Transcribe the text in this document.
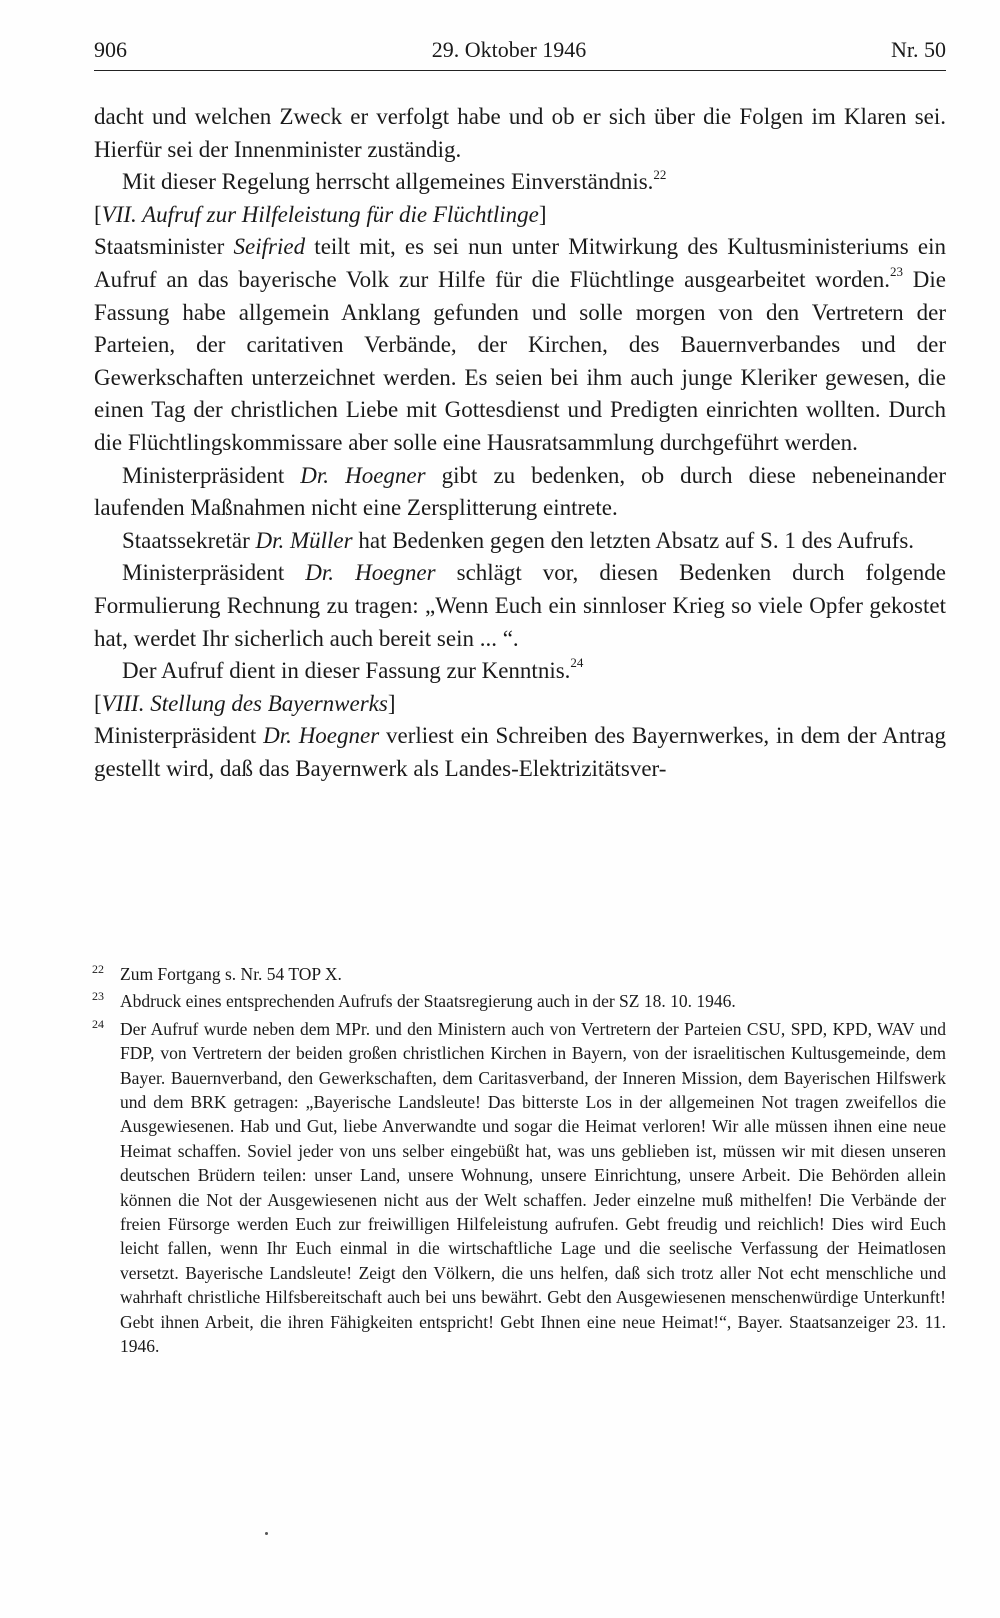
906	29. Oktober 1946	Nr. 50

dacht und welchen Zweck er verfolgt habe und ob er sich über die Folgen im Klaren sei. Hierfür sei der Innenminister zuständig.

Mit dieser Regelung herrscht allgemeines Einverständnis.$^{22}$

[VII. Aufruf zur Hilfeleistung für die Flüchtlinge]

Staatsminister Seifried teilt mit, es sei nun unter Mitwirkung des Kultusministeriums ein Aufruf an das bayerische Volk zur Hilfe für die Flüchtlinge ausgearbeitet worden.$^{23}$ Die Fassung habe allgemein Anklang gefunden und solle morgen von den Vertretern der Parteien, der caritativen Verbände, der Kirchen, des Bauernverbandes und der Gewerkschaften unterzeichnet werden. Es seien bei ihm auch junge Kleriker gewesen, die einen Tag der christlichen Liebe mit Gottesdienst und Predigten einrichten wollten. Durch die Flüchtlingskommissare aber solle eine Hausratsammlung durchgeführt werden.

Ministerpräsident Dr. Hoegner gibt zu bedenken, ob durch diese nebeneinander laufenden Maßnahmen nicht eine Zersplitterung eintrete.

Staatssekretär Dr. Müller hat Bedenken gegen den letzten Absatz auf S. 1 des Aufrufs.

Ministerpräsident Dr. Hoegner schlägt vor, diesen Bedenken durch folgende Formulierung Rechnung zu tragen: „Wenn Euch ein sinnloser Krieg so viele Opfer gekostet hat, werdet Ihr sicherlich auch bereit sein ... “.

Der Aufruf dient in dieser Fassung zur Kenntnis.$^{24}$

[VIII. Stellung des Bayernwerks]

Ministerpräsident Dr. Hoegner verliest ein Schreiben des Bayernwerkes, in dem der Antrag gestellt wird, daß das Bayernwerk als Landes-Elektrizitätsver-

22 Zum Fortgang s. Nr. 54 TOP X.
23 Abdruck eines entsprechenden Aufrufs der Staatsregierung auch in der SZ 18. 10. 1946.
24 Der Aufruf wurde neben dem MPr. und den Ministern auch von Vertretern der Parteien CSU, SPD, KPD, WAV und FDP, von Vertretern der beiden großen christlichen Kirchen in Bayern, von der israelitischen Kultusgemeinde, dem Bayer. Bauernverband, den Gewerkschaften, dem Caritasverband, der Inneren Mission, dem Bayerischen Hilfswerk und dem BRK getragen: „Bayerische Landsleute! Das bitterste Los in der allgemeinen Not tragen zweifellos die Ausgewiesenen. Hab und Gut, liebe Anverwandte und sogar die Heimat verloren! Wir alle müssen ihnen eine neue Heimat schaffen. Soviel jeder von uns selber eingebüßt hat, was uns geblieben ist, müssen wir mit diesen unseren deutschen Brüdern teilen: unser Land, unsere Wohnung, unsere Einrichtung, unsere Arbeit. Die Behörden allein können die Not der Ausgewiesenen nicht aus der Welt schaffen. Jeder einzelne muß mithelfen! Die Verbände der freien Fürsorge werden Euch zur freiwilligen Hilfeleistung aufrufen. Gebt freudig und reichlich! Dies wird Euch leicht fallen, wenn Ihr Euch einmal in die wirtschaftliche Lage und die seelische Verfassung der Heimatlosen versetzt. Bayerische Landsleute! Zeigt den Völkern, die uns helfen, daß sich trotz aller Not echt menschliche und wahrhaft christliche Hilfsbereitschaft auch bei uns bewährt. Gebt den Ausgewiesenen menschenwürdige Unterkunft! Gebt ihnen Arbeit, die ihren Fähigkeiten entspricht! Gebt Ihnen eine neue Heimat!“, Bayer. Staatsanzeiger 23. 11. 1946.
